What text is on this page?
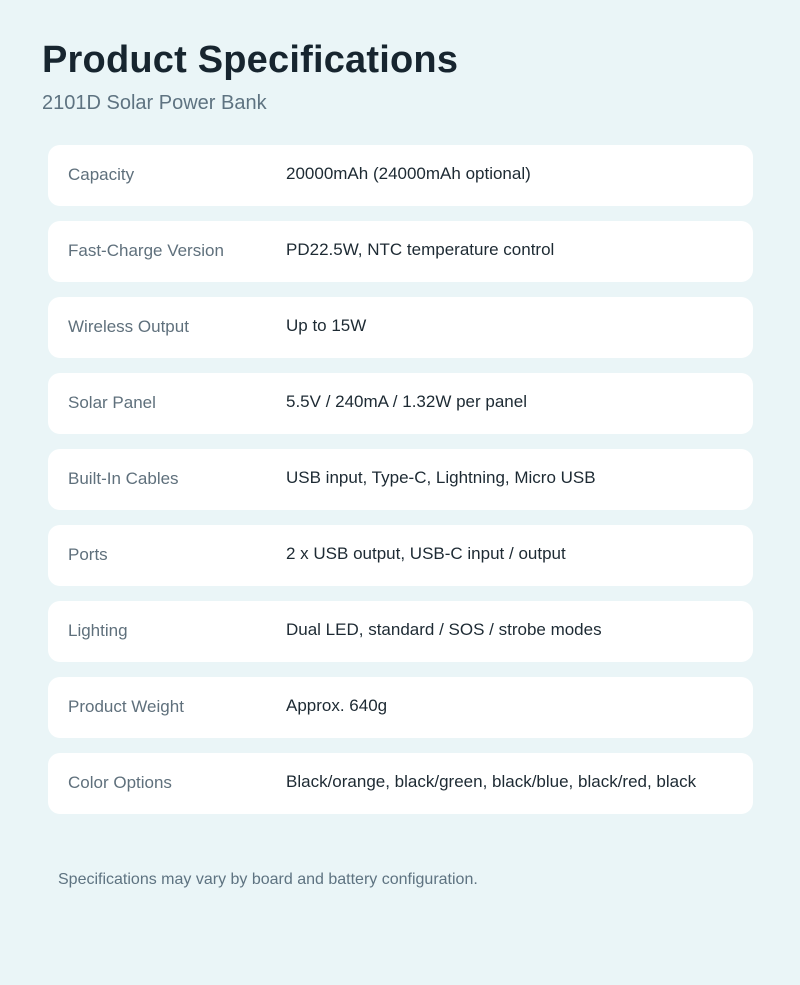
Product Specifications

2101D Solar Power Bank

Capacity	20000mAh (24000mAh optional)
Fast-Charge Version	PD22.5W, NTC temperature control
Wireless Output	Up to 15W
Solar Panel	5.5V / 240mA / 1.32W per panel
Built-In Cables	USB input, Type-C, Lightning, Micro USB
Ports	2 x USB output, USB-C input / output
Lighting	Dual LED, standard / SOS / strobe modes
Product Weight	Approx. 640g
Color Options	Black/orange, black/green, black/blue, black/red, black

Specifications may vary by board and battery configuration.
